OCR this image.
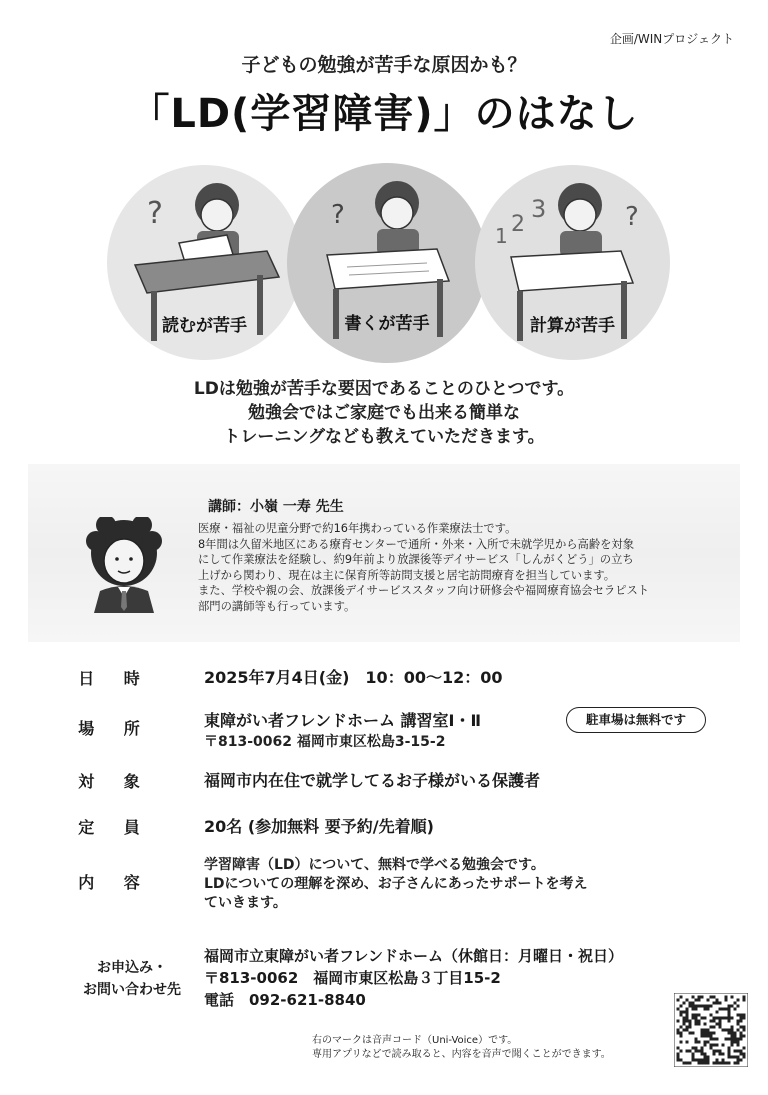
企画/WINプロジェクト
子どもの勉強が苦手な原因かも？
「LD(学習障害)」のはなし
?
読むが苦手
?
書くが苦手
1 2
3	?
計算が苦手
LDは勉強が苦手な要因であることのひとつです。
勉強会ではご家庭でも出来る簡単な
トレーニングなども教えていただきます。
講師：小嶺 一寿 先生
医療・福祉の児童分野で約16年携わっている作業療法士です。
8年間は久留米地区にある療育センターで通所・外来・入所で未就学児から高齢を対象
にして作業療法を経験し、約9年前より放課後等デイサービス「しんがくどう」の立ち
上げから関わり、現在は主に保育所等訪問支援と居宅訪問療育を担当しています。
また、学校や親の会、放課後デイサービススタッフ向け研修会や福岡療育協会セラピスト
部門の講師等も行っています。
日 時	2025年7月4日(金)　10：00〜12：00
場 所	東障がい者フレンドホーム 講習室Ⅰ・Ⅱ
〒813-0062 福岡市東区松島3-15-2
駐車場は無料です
対 象	福岡市内在住で就学してるお子様がいる保護者
定 員	20名 (参加無料 要予約/先着順)
内 容
学習障害（LD）について、無料で学べる勉強会です。
LDについての理解を深め、お子さんにあったサポートを考え
ていきます。
お申込み・
お問い合わせ先
福岡市立東障がい者フレンドホーム（休館日：月曜日・祝日）
〒813-0062　福岡市東区松島３丁目15-2
電話　092-621-8840
右のマークは音声コード（Uni-Voice）です。
専用アプリなどで読み取ると、内容を音声で聞くことができます。
